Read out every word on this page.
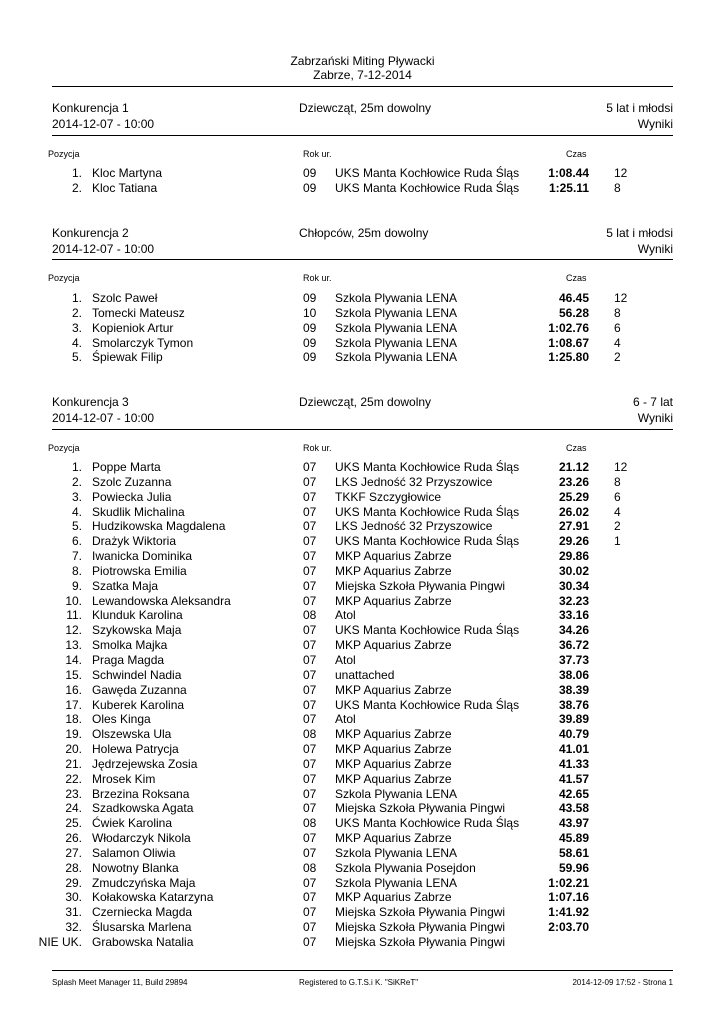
Zabrzański Miting Pływacki
Zabrze, 7-12-2014
Konkurencja 1	Dziewcząt, 25m dowolny	5 lat i młodsi
2014-12-07 - 10:00	Wyniki
Pozycja	Rok ur.	Czas
1. Kloc Martyna	09 UKS Manta Kochłowice Ruda Śląs 1:08.44 12
2. Kloc Tatiana	09 UKS Manta Kochłowice Ruda Śląs 1:25.11 8
Konkurencja 2	Chłopców, 25m dowolny	5 lat i młodsi
2014-12-07 - 10:00	Wyniki
Pozycja	Rok ur.	Czas
1. Szolc Paweł	09 Szkola Plywania LENA	46.45 12
2. Tomecki Mateusz	10 Szkola Plywania LENA	56.28 8
3. Kopieniok Artur	09 Szkola Plywania LENA	1:02.76 6
4. Smolarczyk Tymon	09 Szkola Plywania LENA	1:08.67 4
5. Śpiewak Filip	09 Szkola Plywania LENA	1:25.80 2
Konkurencja 3	Dziewcząt, 25m dowolny	6 - 7 lat
2014-12-07 - 10:00	Wyniki
Pozycja	Rok ur.	Czas
1. Poppe Marta	07 UKS Manta Kochłowice Ruda Śląs	21.12 12
2. Szolc Zuzanna	07 LKS Jedność 32 Przyszowice	23.26 8
3. Powiecka Julia	07 TKKF Szczygłowice	25.29 6
4. Skudlik Michalina	07 UKS Manta Kochłowice Ruda Śląs	26.02 4
5. Hudzikowska Magdalena	07 LKS Jedność 32 Przyszowice	27.91 2
6. Drażyk Wiktoria	07 UKS Manta Kochłowice Ruda Śląs	29.26 1
7. Iwanicka Dominika	07 MKP Aquarius Zabrze	29.86
8. Piotrowska Emilia	07 MKP Aquarius Zabrze	30.02
9. Szatka Maja	07 Miejska Szkoła Pływania Pingwi	30.34
10. Lewandowska Aleksandra	07 MKP Aquarius Zabrze	32.23
11. Klunduk Karolina	08 Atol	33.16
12. Szykowska Maja	07 UKS Manta Kochłowice Ruda Śląs	34.26
13. Smolka Majka	07 MKP Aquarius Zabrze	36.72
14. Praga Magda	07 Atol	37.73
15. Schwindel Nadia	07 unattached	38.06
16. Gawęda Zuzanna	07 MKP Aquarius Zabrze	38.39
17. Kuberek Karolina	07 UKS Manta Kochłowice Ruda Śląs	38.76
18. Oles Kinga	07 Atol	39.89
19. Olszewska Ula	08 MKP Aquarius Zabrze	40.79
20. Holewa Patrycja	07 MKP Aquarius Zabrze	41.01
21. Jędrzejewska Zosia	07 MKP Aquarius Zabrze	41.33
22. Mrosek Kim	07 MKP Aquarius Zabrze	41.57
23. Brzezina Roksana	07 Szkola Plywania LENA	42.65
24. Szadkowska Agata	07 Miejska Szkoła Pływania Pingwi	43.58
25. Ćwiek Karolina	08 UKS Manta Kochłowice Ruda Śląs	43.97
26. Włodarczyk Nikola	07 MKP Aquarius Zabrze	45.89
27. Salamon Oliwia	07 Szkola Plywania LENA	58.61
28. Nowotny Blanka	08 Szkola Plywania Posejdon	59.96
29. Zmudczyńska Maja	07 Szkola Plywania LENA	1:02.21
30. Kołakowska Katarzyna	07 MKP Aquarius Zabrze	1:07.16
31. Czerniecka Magda	07 Miejska Szkoła Pływania Pingwi	1:41.92
32. Ślusarska Marlena	07 Miejska Szkoła Pływania Pingwi	2:03.70
NIE UK. Grabowska Natalia	07 Miejska Szkoła Pływania Pingwi
Splash Meet Manager 11, Build 29894	Registered to G.T.S.i K. "SiKReT"	2014-12-09 17:52 - Strona 1
